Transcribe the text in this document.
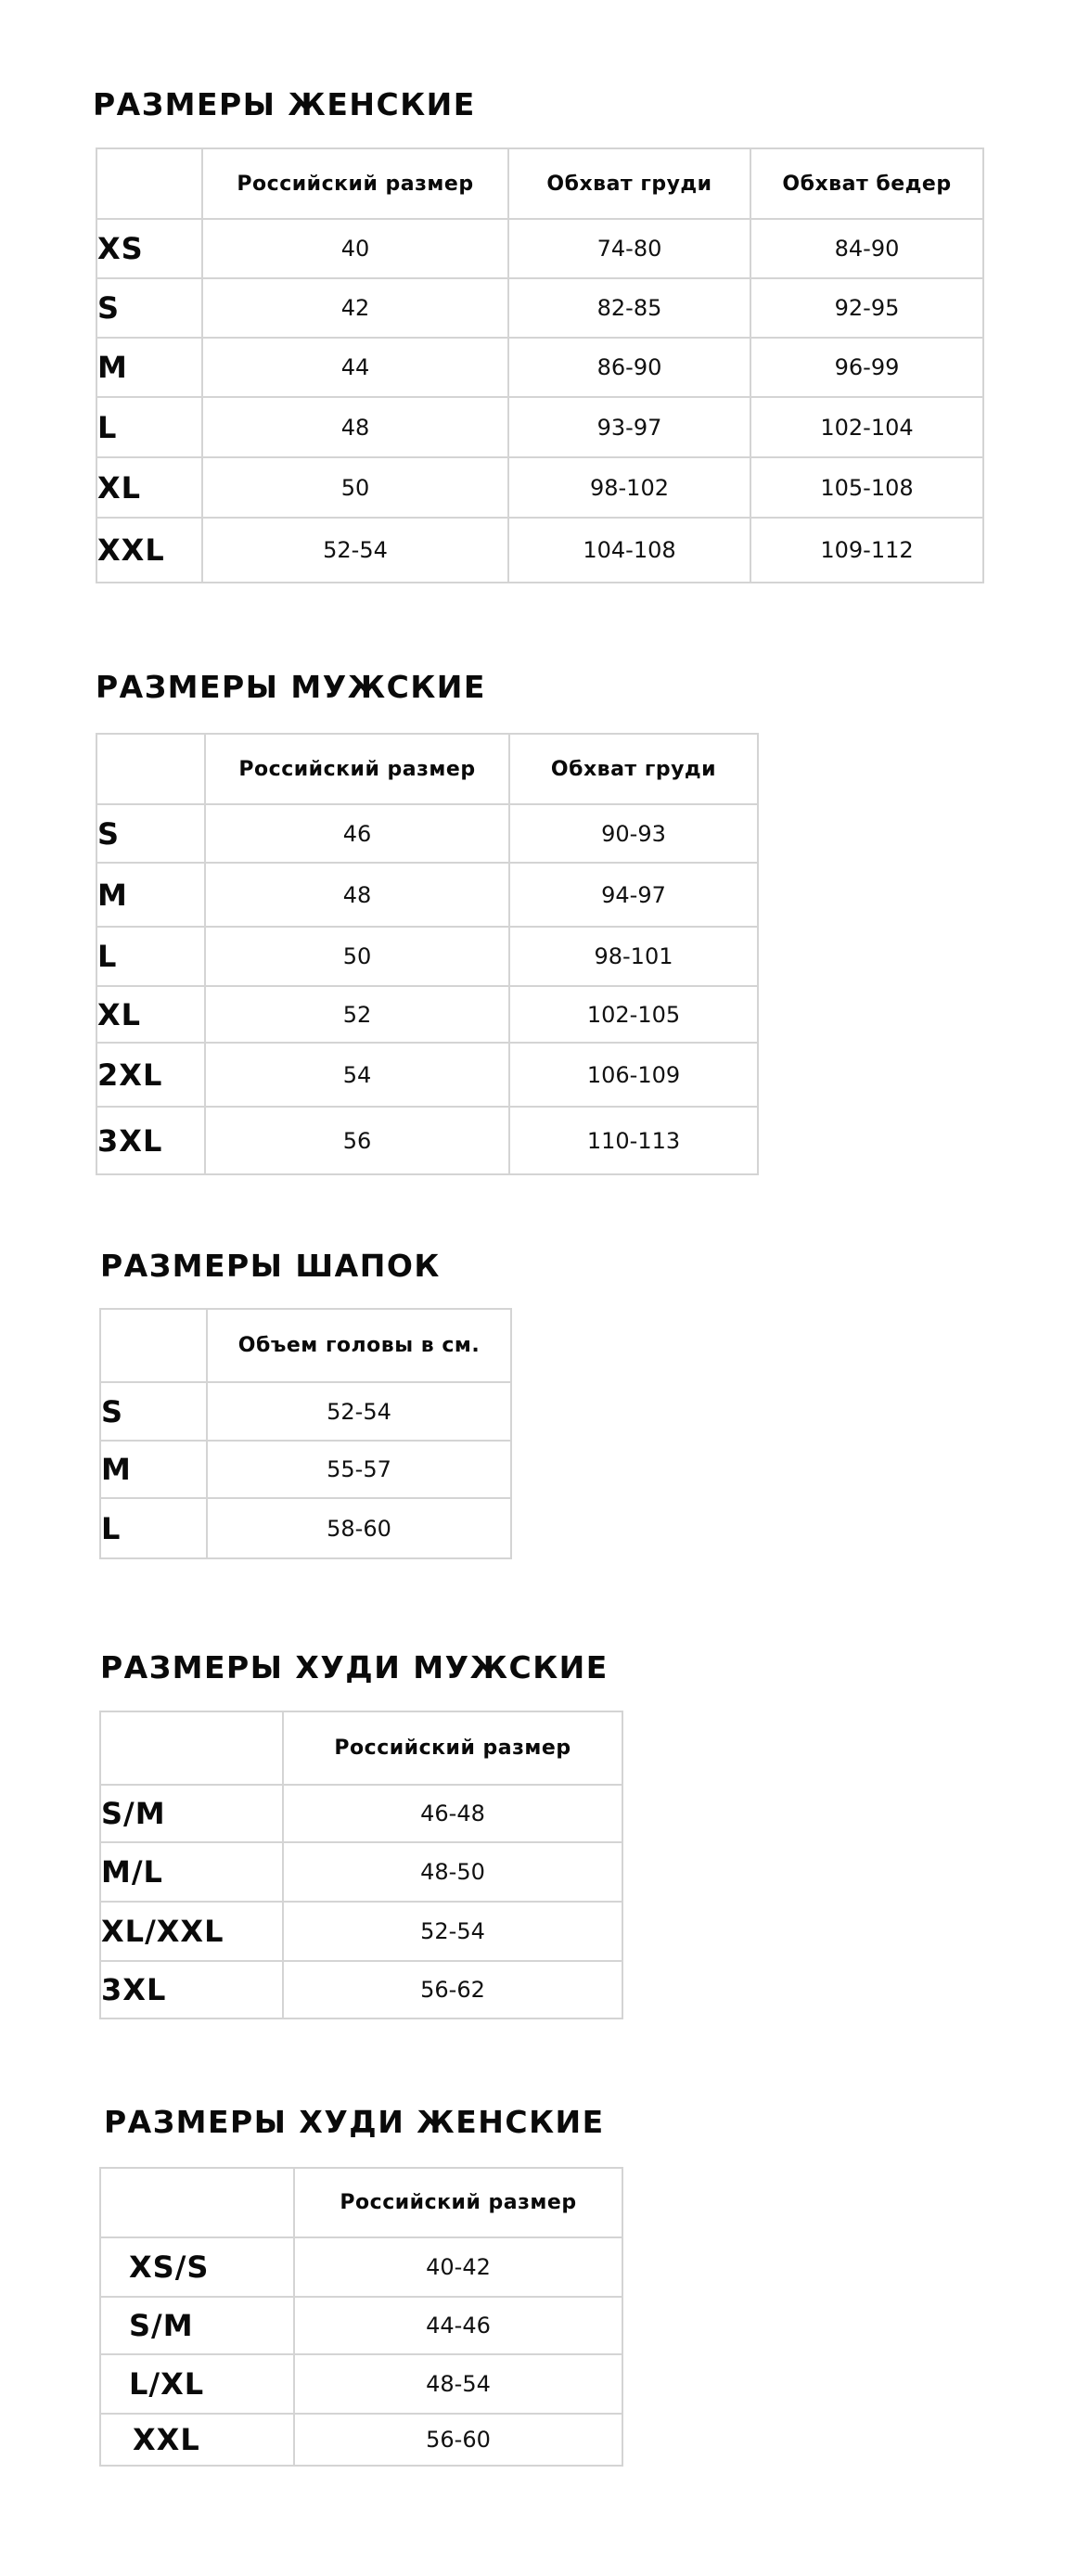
РАЗМЕРЫ ЖЕНСКИЕ
	Российский размер	Обхват груди	Обхват бедер
XS	40	74-80	84-90
S	42	82-85	92-95
M	44	86-90	96-99
L	48	93-97	102-104
XL	50	98-102	105-108
XXL	52-54	104-108	109-112
РАЗМЕРЫ МУЖСКИЕ
	Российский размер	Обхват груди
S	46	90-93
M	48	94-97
L	50	98-101
XL	52	102-105
2XL	54	106-109
3XL	56	110-113
РАЗМЕРЫ ШАПОК
	Объем головы в см.
S	52-54
M	55-57
L	58-60
РАЗМЕРЫ ХУДИ МУЖСКИЕ
	Российский размер
S/M	46-48
M/L	48-50
XL/XXL	52-54
3XL	56-62
РАЗМЕРЫ ХУДИ ЖЕНСКИЕ
	Российский размер
XS/S	40-42
S/M	44-46
L/XL	48-54
XXL	56-60
